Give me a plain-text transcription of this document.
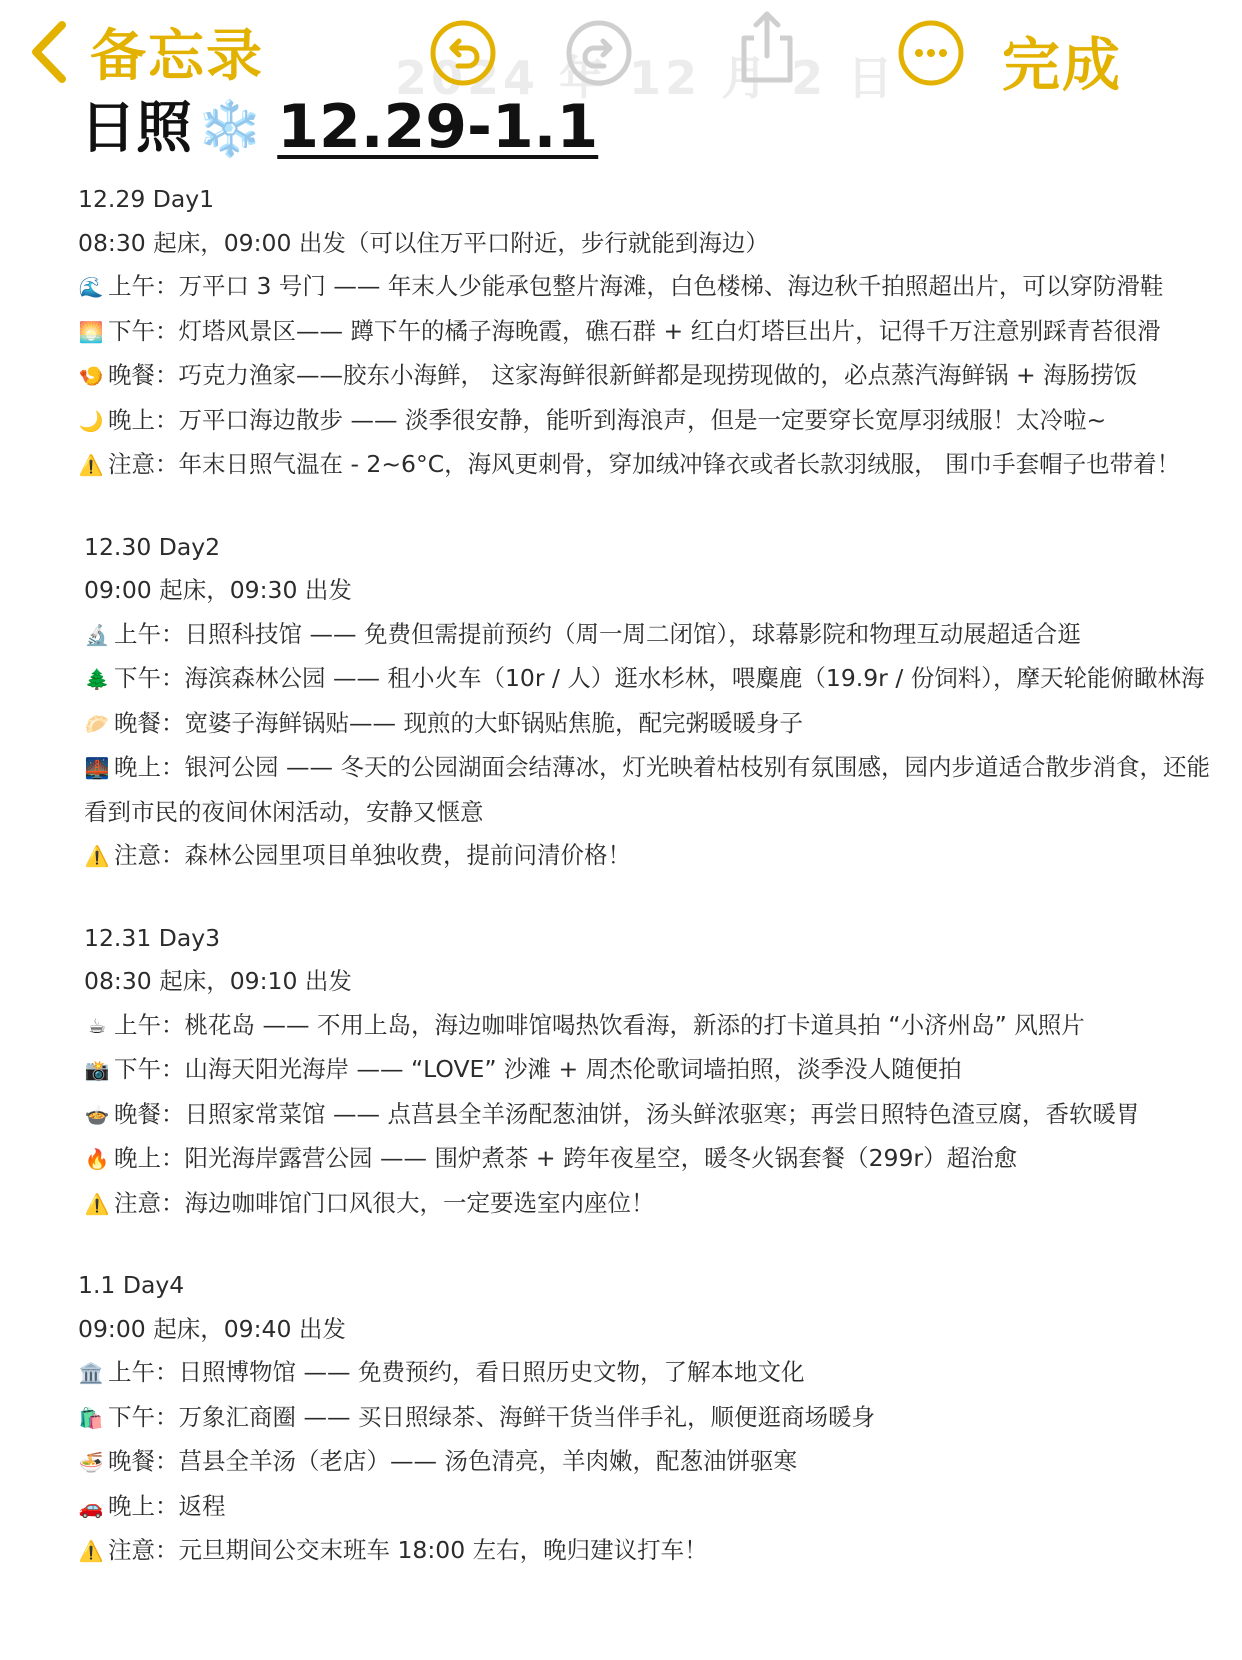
2024 年 12 月 2 日
备忘录	完成
日照 ❄️ 12.29-1.1
12.29 Day1
08:30 起床，09:00 出发（可以住万平口附近，步行就能到海边）
🌊 上午：万平口 3 号门 —— 年末人少能承包整片海滩，白色楼梯、海边秋千拍照超出片，可以穿防滑鞋
🌅 下午：灯塔风景区—— 蹲下午的橘子海晚霞，礁石群 + 红白灯塔巨出片，记得千万注意别踩青苔很滑
🍤 晚餐：巧克力渔家——胶东小海鲜， 这家海鲜很新鲜都是现捞现做的，必点蒸汽海鲜锅 + 海肠捞饭
🌙 晚上：万平口海边散步 —— 淡季很安静，能听到海浪声，但是一定要穿长宽厚羽绒服！太冷啦~
⚠️ 注意：年末日照气温在 - 2~6°C，海风更刺骨，穿加绒冲锋衣或者长款羽绒服， 围巾手套帽子也带着！
12.30 Day2
09:00 起床，09:30 出发
🔬 上午：日照科技馆 —— 免费但需提前预约（周一周二闭馆），球幕影院和物理互动展超适合逛
🌲 下午：海滨森林公园 —— 租小火车（10r / 人）逛水杉林，喂麋鹿（19.9r / 份饲料），摩天轮能俯瞰林海
🥟 晚餐：宽婆子海鲜锅贴—— 现煎的大虾锅贴焦脆，配完粥暖暖身子
🌉 晚上：银河公园 —— 冬天的公园湖面会结薄冰，灯光映着枯枝别有氛围感，园内步道适合散步消食，还能看到市民的夜间休闲活动，安静又惬意
⚠️ 注意：森林公园里项目单独收费，提前问清价格！
12.31 Day3
08:30 起床，09:10 出发
☕ 上午：桃花岛 —— 不用上岛，海边咖啡馆喝热饮看海，新添的打卡道具拍 “小济州岛” 风照片
📸 下午：山海天阳光海岸 —— “LOVE” 沙滩 + 周杰伦歌词墙拍照，淡季没人随便拍
🍲 晚餐：日照家常菜馆 —— 点莒县全羊汤配葱油饼，汤头鲜浓驱寒；再尝日照特色渣豆腐，香软暖胃
🔥 晚上：阳光海岸露营公园 —— 围炉煮茶 + 跨年夜星空，暖冬火锅套餐（299r）超治愈
⚠️ 注意：海边咖啡馆门口风很大，一定要选室内座位！
1.1 Day4
09:00 起床，09:40 出发
🏛️ 上午：日照博物馆 —— 免费预约，看日照历史文物，了解本地文化
🛍️ 下午：万象汇商圈 —— 买日照绿茶、海鲜干货当伴手礼，顺便逛商场暖身
🍜 晚餐：莒县全羊汤（老店）—— 汤色清亮，羊肉嫩，配葱油饼驱寒
🚗 晚上：返程
⚠️ 注意：元旦期间公交末班车 18:00 左右，晚归建议打车！
